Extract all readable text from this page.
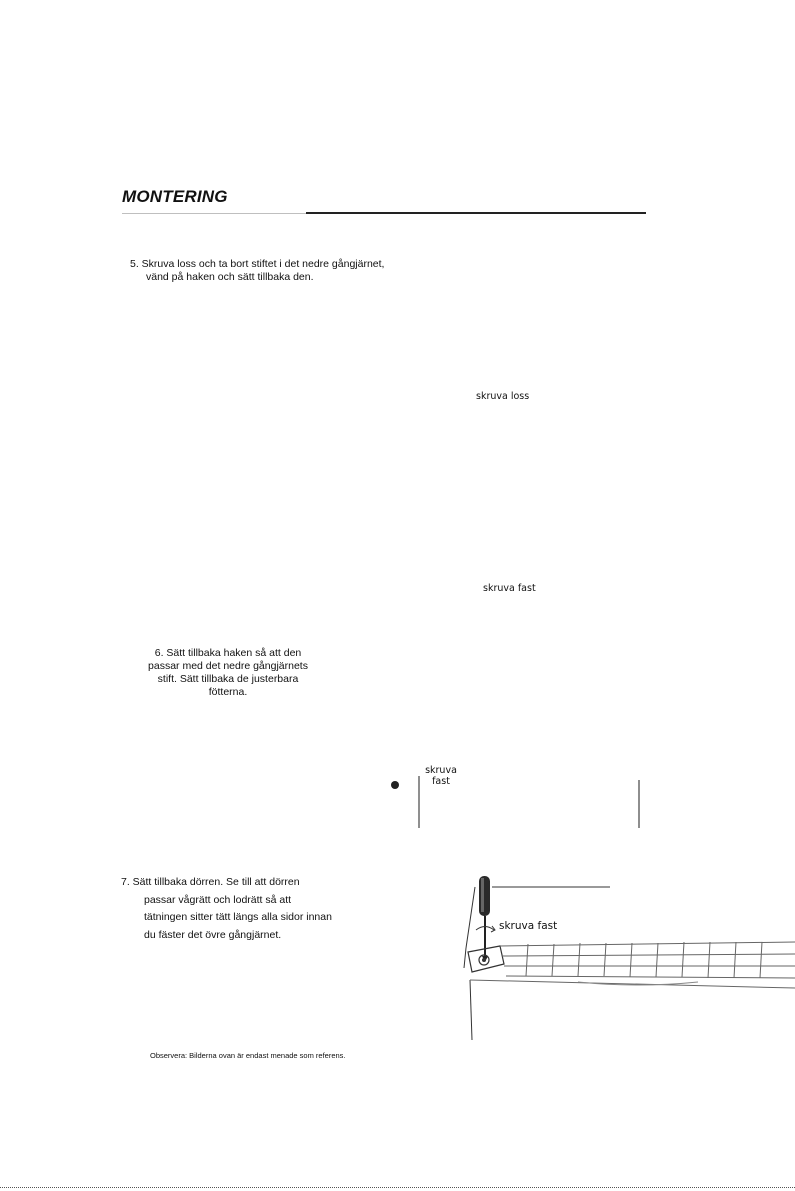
MONTERING
5. Skruva loss och ta bort stiftet i det nedre gångjärnet,
vänd på haken och sätt tillbaka den.
skruva loss
skruva fast
6. Sätt tillbaka haken så att den
passar med det nedre gångjärnets
stift. Sätt tillbaka de justerbara
fötterna.
skruva
fast
7. Sätt tillbaka dörren. Se till att dörren
passar vågrätt och lodrätt så att
tätningen sitter tätt längs alla sidor innan
du fäster det övre gångjärnet.
skruva fast
Observera: Bilderna ovan är endast menade som referens.
